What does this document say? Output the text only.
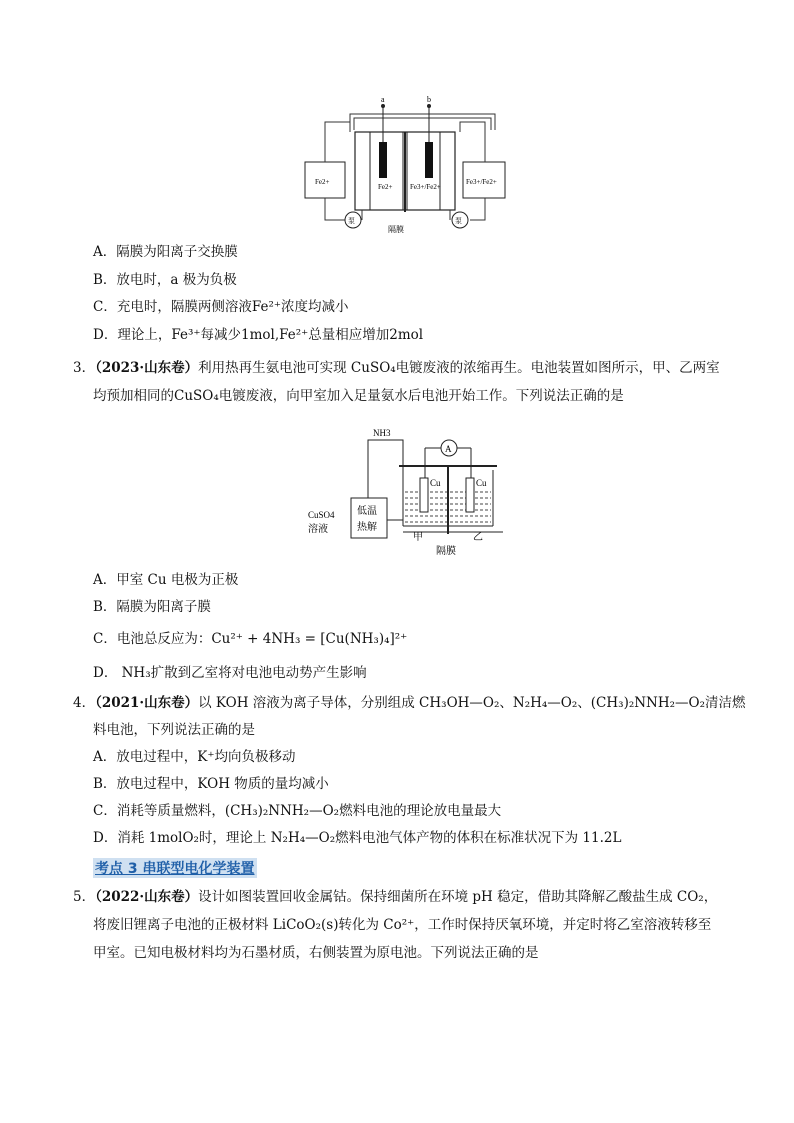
a	b
Fe2+	Fe3+/Fe2+
Fe2+	Fe3+/Fe2+
泵	泵
隔膜
A．隔膜为阳离子交换膜
B．放电时，a 极为负极
C．充电时，隔膜两侧溶液Fe²⁺浓度均减小
D．理论上，Fe³⁺每减少1mol,Fe²⁺总量相应增加2mol
3．（2023·山东卷）利用热再生氨电池可实现 CuSO₄电镀废液的浓缩再生。电池装置如图所示，甲、乙两室
均预加相同的CuSO₄电镀废液，向甲室加入足量氨水后电池开始工作。下列说法正确的是
NH3
A
Cu	Cu
低温
热解
CuSO4
溶液
甲	乙
隔膜
A．甲室 Cu 电极为正极
B．隔膜为阳离子膜
C．电池总反应为：Cu²⁺ + 4NH₃ = [Cu(NH₃)₄]²⁺
D． NH₃扩散到乙室将对电池电动势产生影响
4．（2021·山东卷）以 KOH 溶液为离子导体，分别组成 CH₃OH—O₂、N₂H₄—O₂、(CH₃)₂NNH₂—O₂清洁燃
料电池，下列说法正确的是
A．放电过程中，K⁺均向负极移动
B．放电过程中，KOH 物质的量均减小
C．消耗等质量燃料，(CH₃)₂NNH₂—O₂燃料电池的理论放电量最大
D．消耗 1molO₂时，理论上 N₂H₄—O₂燃料电池气体产物的体积在标准状况下为 11.2L
考点 3 串联型电化学装置
5．（2022·山东卷）设计如图装置回收金属钴。保持细菌所在环境 pH 稳定，借助其降解乙酸盐生成 CO₂，
将废旧锂离子电池的正极材料 LiCoO₂(s)转化为 Co²⁺，工作时保持厌氧环境，并定时将乙室溶液转移至
甲室。已知电极材料均为石墨材质，右侧装置为原电池。下列说法正确的是
